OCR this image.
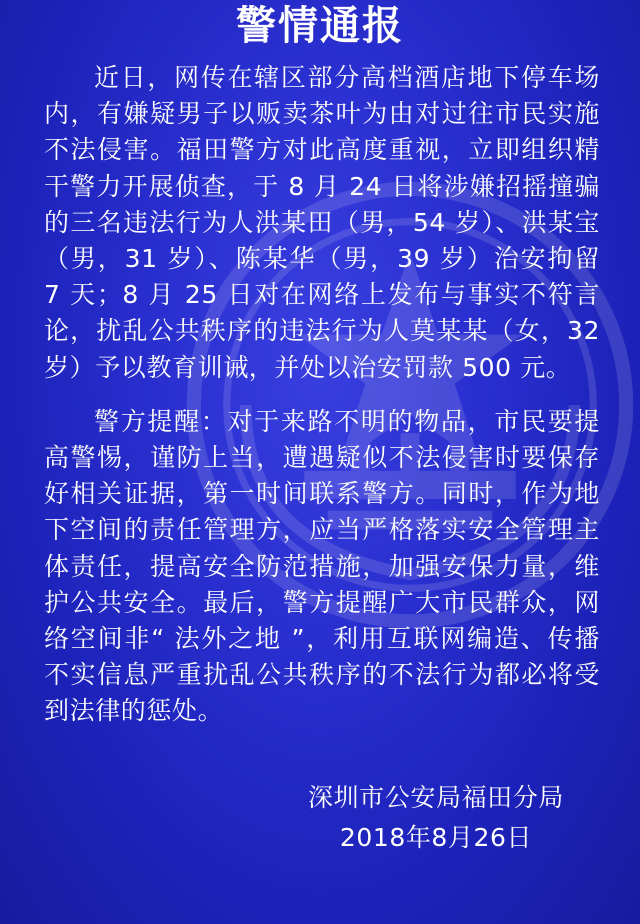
警情通报

近日，网传在辖区部分高档酒店地下停车场内，有嫌疑男子以贩卖茶叶为由对过往市民实施不法侵害。福田警方对此高度重视，立即组织精干警力开展侦查，于 8 月 24 日将涉嫌招摇撞骗的三名违法行为人洪某田（男，54 岁）、洪某宝（男，31 岁）、陈某华（男，39 岁）治安拘留 7 天；8 月 25 日对在网络上发布与事实不符言论，扰乱公共秩序的违法行为人莫某某（女，32 岁）予以教育训诫，并处以治安罚款 500 元。

警方提醒：对于来路不明的物品，市民要提高警惕，谨防上当，遭遇疑似不法侵害时要保存好相关证据，第一时间联系警方。同时，作为地下空间的责任管理方，应当严格落实安全管理主体责任，提高安全防范措施，加强安保力量，维护公共安全。最后，警方提醒广大市民群众，网络空间非“ 法外之地 ”，利用互联网编造、传播不实信息严重扰乱公共秩序的不法行为都必将受到法律的惩处。

深圳市公安局福田分局
2018年8月26日
